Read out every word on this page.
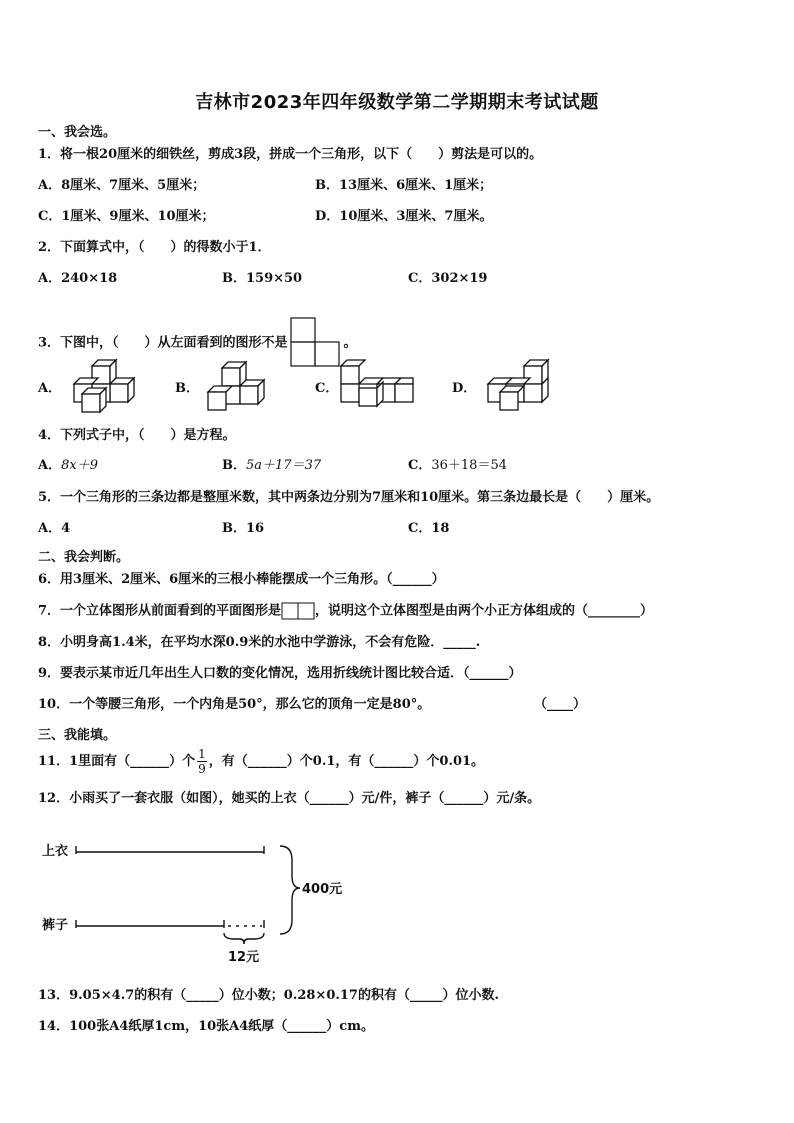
吉林市2023年四年级数学第二学期期末考试试题
一、我会选。
1．将一根20厘米的细铁丝，剪成3段，拼成一个三角形，以下（　　）剪法是可以的。
A．8厘米、7厘米、5厘米；	B．13厘米、6厘米、1厘米；
C．1厘米、9厘米、10厘米；	D．10厘米、3厘米、7厘米。
2．下面算式中，（　　）的得数小于1．
A．240×18	B．159×50	C．302×19
3．下图中，（　　）从左面看到的图形不是	。
A．	B．	C．	D．
4．下列式子中，（　　）是方程。
A．8x＋9	B．5a＋17＝37	C．36＋18＝54
5．一个三角形的三条边都是整厘米数，其中两条边分别为7厘米和10厘米。第三条边最长是（　　）厘米。
A．4	B．16	C．18
二、我会判断。
6．用3厘米、2厘米、6厘米的三根小棒能摆成一个三角形。（______）
7．一个立体图形从前面看到的平面图形是	，说明这个立体图型是由两个小正方体组成的（________）
8．小明身高1.4米，在平均水深0.9米的水池中学游泳，不会有危险．_____.
9．要表示某市近几年出生人口数的变化情况，选用折线统计图比较合适．（______）
10．一个等腰三角形，一个内角是50°，那么它的顶角一定是80°。	（____）
三、我能填。
11．1里面有（______）个 $\frac{1}{9}$ ，有（______）个0.1，有（______）个0.01。
12．小雨买了一套衣服（如图），她买的上衣（______）元/件，裤子（______）元/条。
上衣
裤子
400元
12元
13．9.05×4.7的积有（_____）位小数；0.28×0.17的积有（_____）位小数.
14．100张A4纸厚1cm，10张A4纸厚（______）cm。
